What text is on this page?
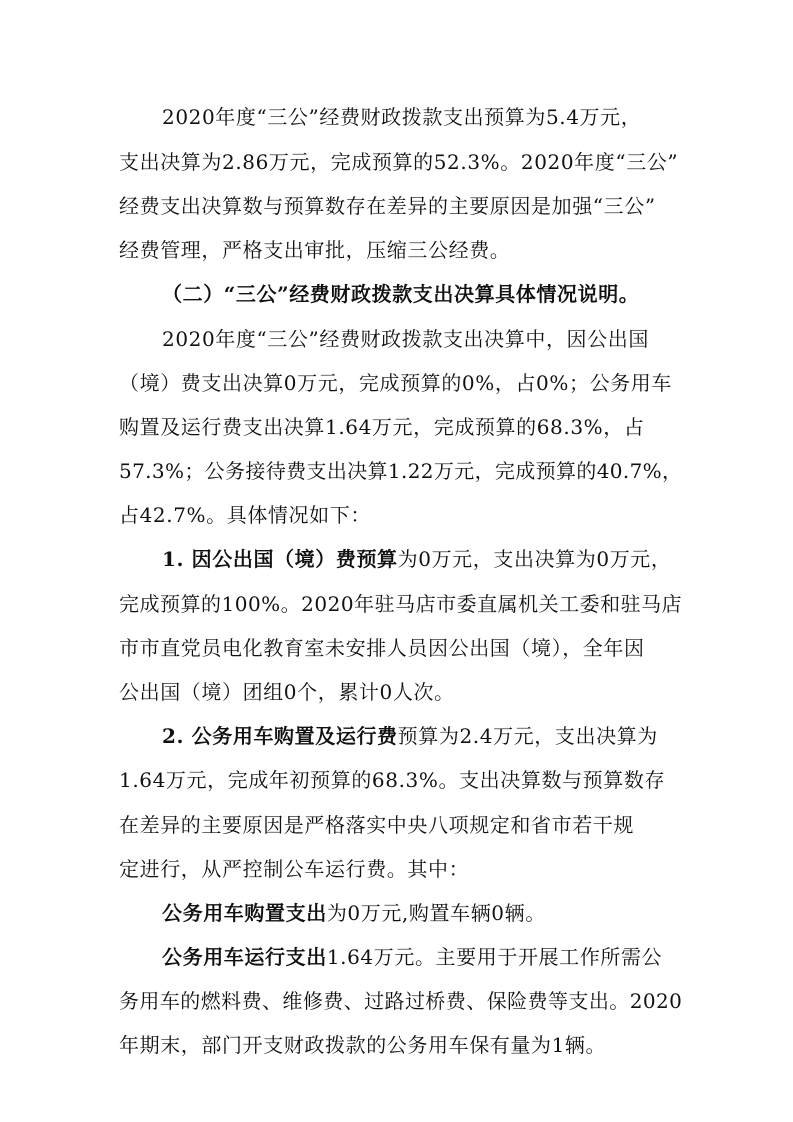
2020年度“三公”经费财政拨款支出预算为5.4万元，

支出决算为2.86万元，完成预算的52.3%。2020年度“三公”

经费支出决算数与预算数存在差异的主要原因是加强“三公”

经费管理，严格支出审批，压缩三公经费。

（二）“三公”经费财政拨款支出决算具体情况说明。

2020年度“三公”经费财政拨款支出决算中，因公出国

（境）费支出决算0万元，完成预算的0%，占0%；公务用车

购置及运行费支出决算1.64万元，完成预算的68.3%，占

57.3%；公务接待费支出决算1.22万元，完成预算的40.7%，

占42.7%。具体情况如下：

1. 因公出国（境）费预算为0万元，支出决算为0万元，

完成预算的100%。2020年驻马店市委直属机关工委和驻马店

市市直党员电化教育室未安排人员因公出国（境），全年因

公出国（境）团组0个，累计0人次。

2. 公务用车购置及运行费预算为2.4万元，支出决算为

1.64万元，完成年初预算的68.3%。支出决算数与预算数存

在差异的主要原因是严格落实中央八项规定和省市若干规

定进行，从严控制公车运行费。其中：

公务用车购置支出为0万元,购置车辆0辆。

公务用车运行支出1.64万元。主要用于开展工作所需公

务用车的燃料费、维修费、过路过桥费、保险费等支出。2020

年期末，部门开支财政拨款的公务用车保有量为1辆。
